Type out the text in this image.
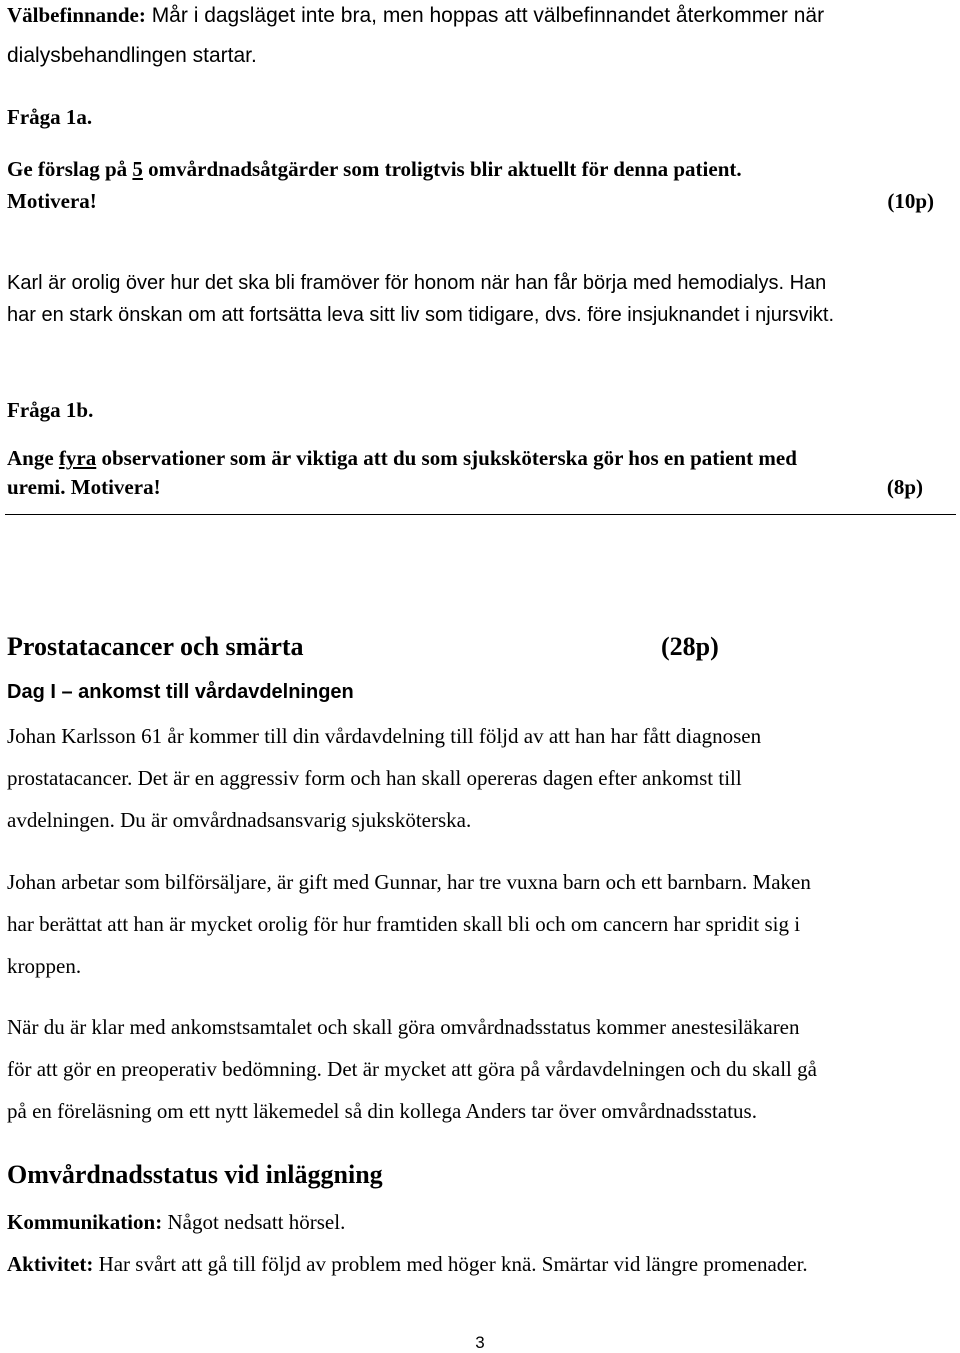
Välbefinnande: Mår i dagsläget inte bra, men hoppas att välbefinnandet återkommer när
dialysbehandlingen startar.
Fråga 1a.
Ge förslag på 5 omvårdnadsåtgärder som troligtvis blir aktuellt för denna patient.
Motivera!	(10p)
Karl är orolig över hur det ska bli framöver för honom när han får börja med hemodialys. Han
har en stark önskan om att fortsätta leva sitt liv som tidigare, dvs. före insjuknandet i njursvikt.
Fråga 1b.
Ange fyra observationer som är viktiga att du som sjuksköterska gör hos en patient med
uremi. Motivera!	(8p)
Prostatacancer och smärta	(28p)
Dag I – ankomst till vårdavdelningen
Johan Karlsson 61 år kommer till din vårdavdelning till följd av att han har fått diagnosen
prostatacancer. Det är en aggressiv form och han skall opereras dagen efter ankomst till
avdelningen. Du är omvårdnadsansvarig sjuksköterska.
Johan arbetar som bilförsäljare, är gift med Gunnar, har tre vuxna barn och ett barnbarn. Maken
har berättat att han är mycket orolig för hur framtiden skall bli och om cancern har spridit sig i
kroppen.
När du är klar med ankomstsamtalet och skall göra omvårdnadsstatus kommer anestesiläkaren
för att gör en preoperativ bedömning. Det är mycket att göra på vårdavdelningen och du skall gå
på en föreläsning om ett nytt läkemedel så din kollega Anders tar över omvårdnadsstatus.
Omvårdnadsstatus vid inläggning
Kommunikation: Något nedsatt hörsel.
Aktivitet: Har svårt att gå till följd av problem med höger knä. Smärtar vid längre promenader.
3
